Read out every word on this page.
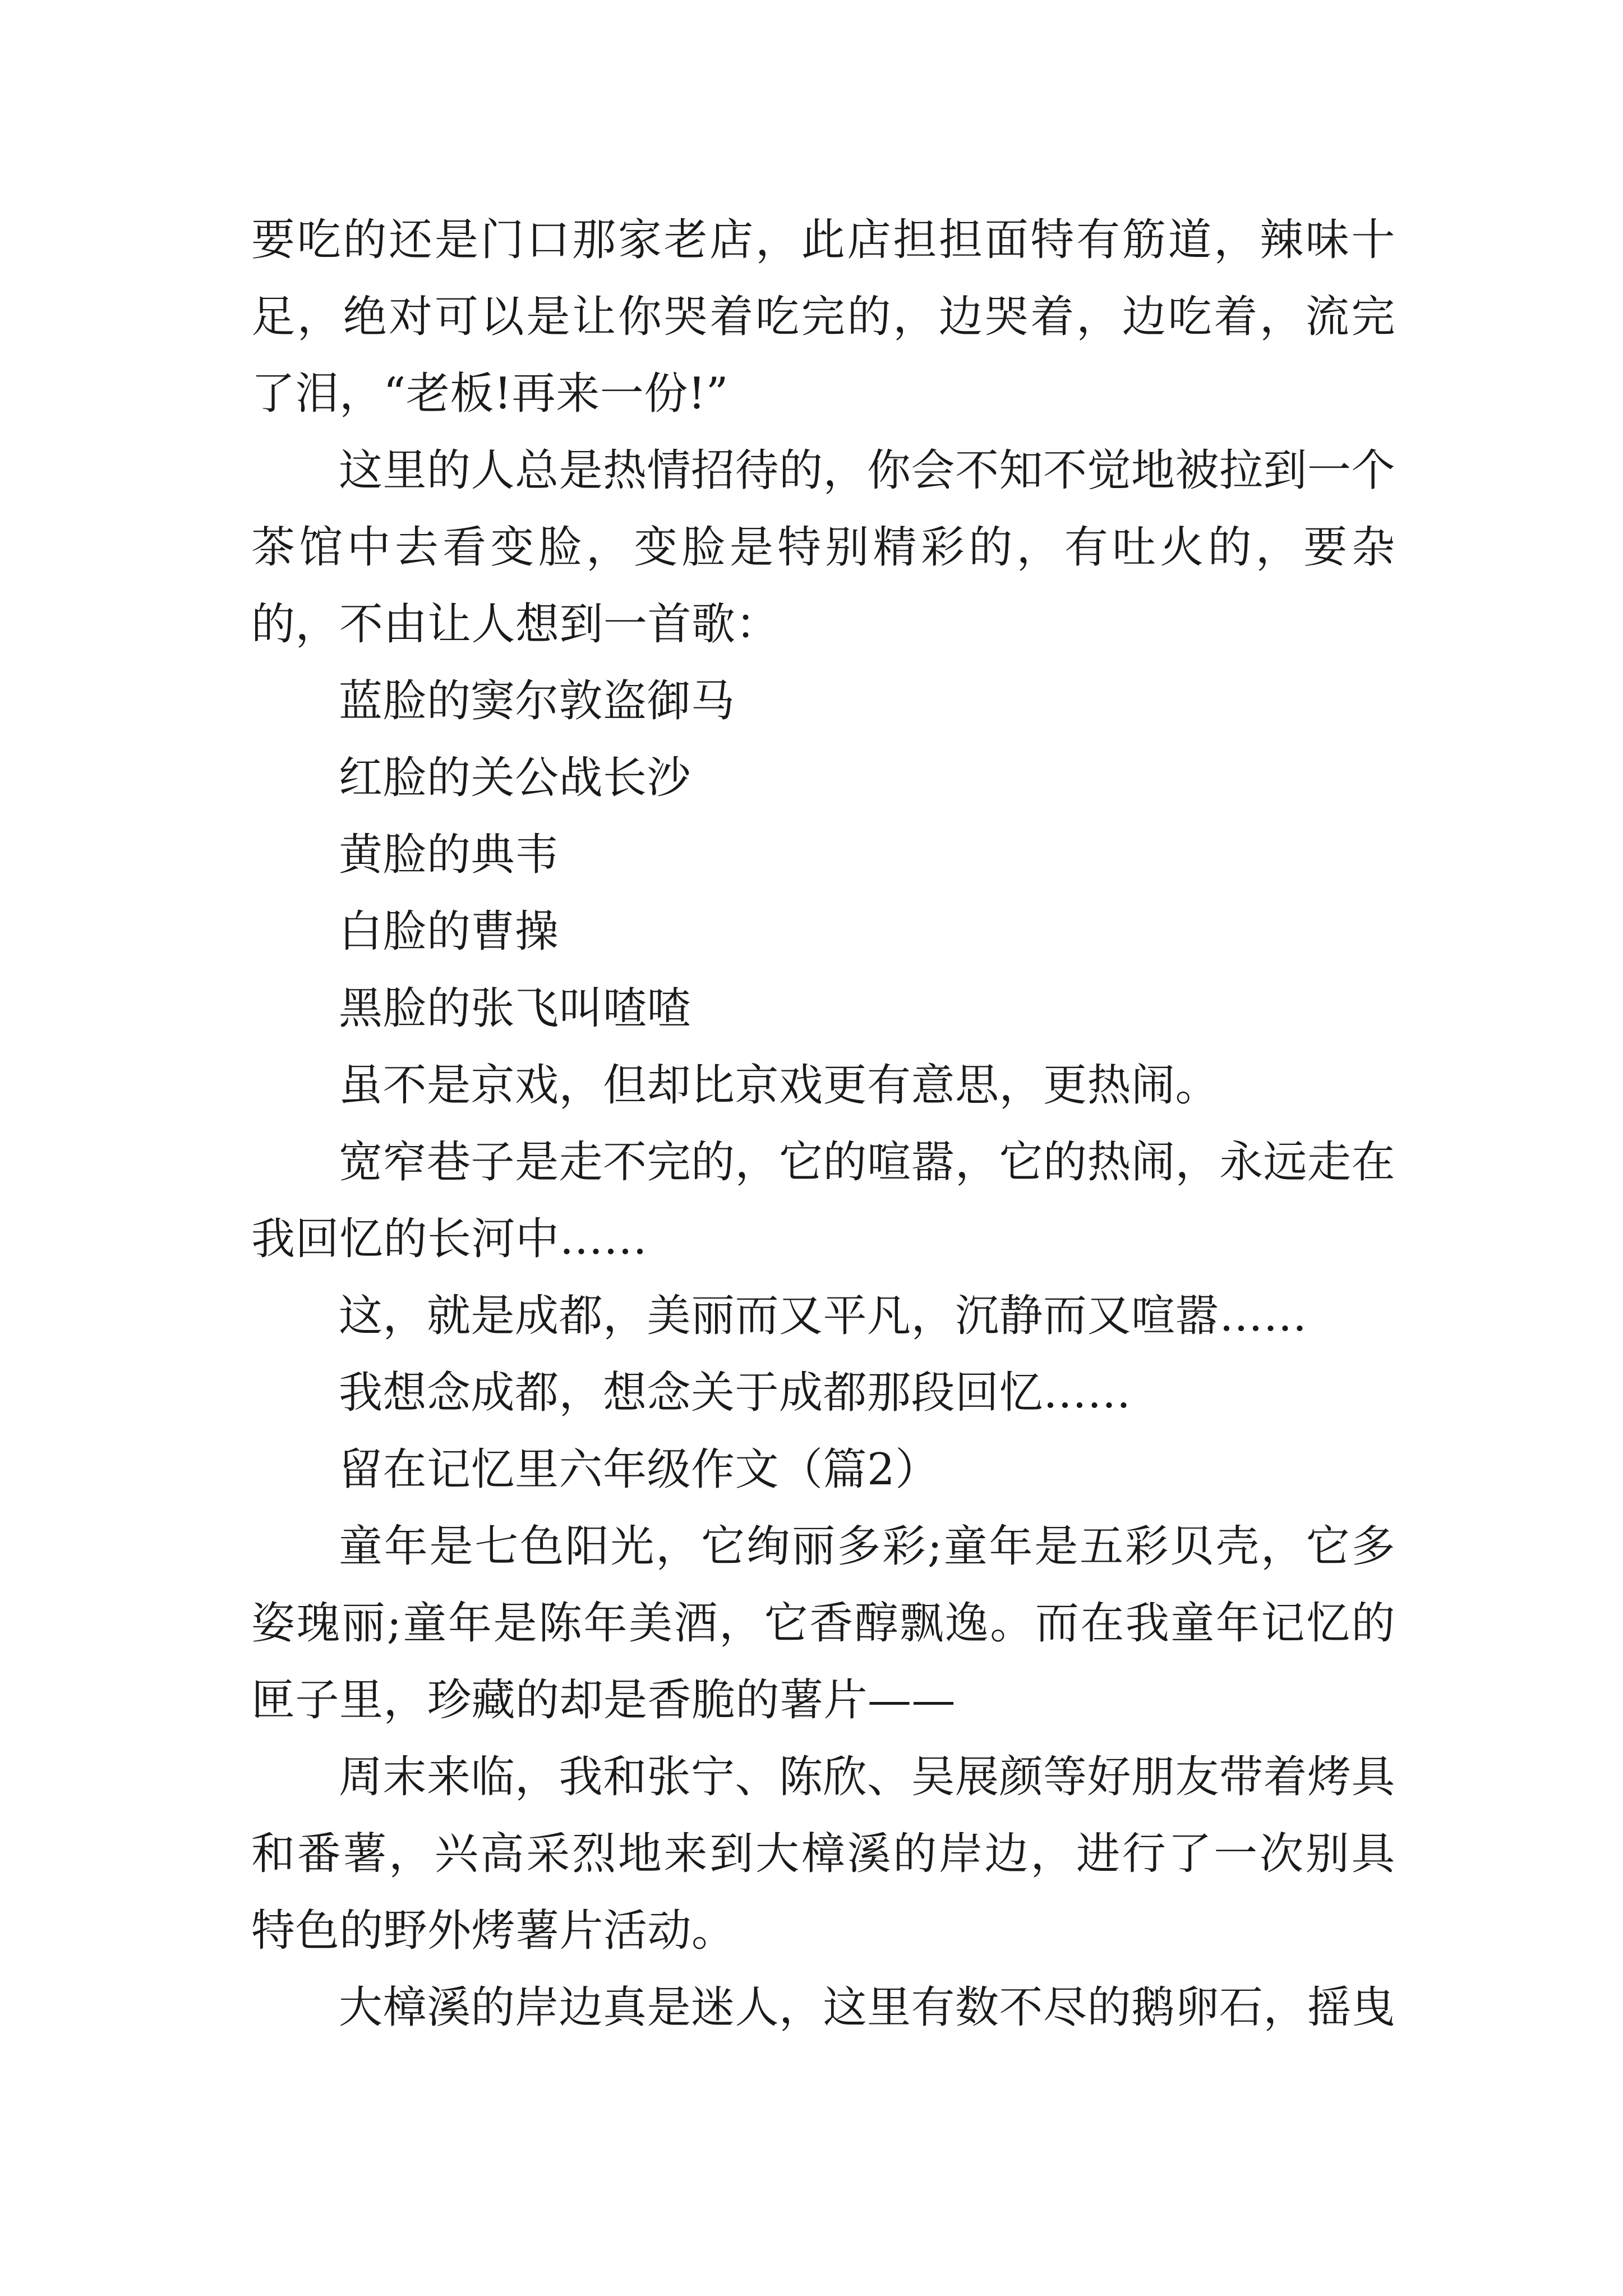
要吃的还是门口那家老店，此店担担面特有筋道，辣味十足，绝对可以是让你哭着吃完的，边哭着，边吃着，流完了泪，“老板!再来一份!”

这里的人总是热情招待的，你会不知不觉地被拉到一个茶馆中去看变脸，变脸是特别精彩的，有吐火的，要杂的，不由让人想到一首歌：

蓝脸的窦尔敦盗御马

红脸的关公战长沙

黄脸的典韦

白脸的曹操

黑脸的张飞叫喳喳

虽不是京戏，但却比京戏更有意思，更热闹。

宽窄巷子是走不完的，它的喧嚣，它的热闹，永远走在我回忆的长河中……

这，就是成都，美丽而又平凡，沉静而又喧嚣……

我想念成都，想念关于成都那段回忆……

留在记忆里六年级作文（篇2）

童年是七色阳光，它绚丽多彩;童年是五彩贝壳，它多姿瑰丽;童年是陈年美酒，它香醇飘逸。而在我童年记忆的匣子里，珍藏的却是香脆的薯片——

周末来临，我和张宁、陈欣、吴展颜等好朋友带着烤具和番薯，兴高采烈地来到大樟溪的岸边，进行了一次别具特色的野外烤薯片活动。

大樟溪的岸边真是迷人，这里有数不尽的鹅卵石，摇曳
